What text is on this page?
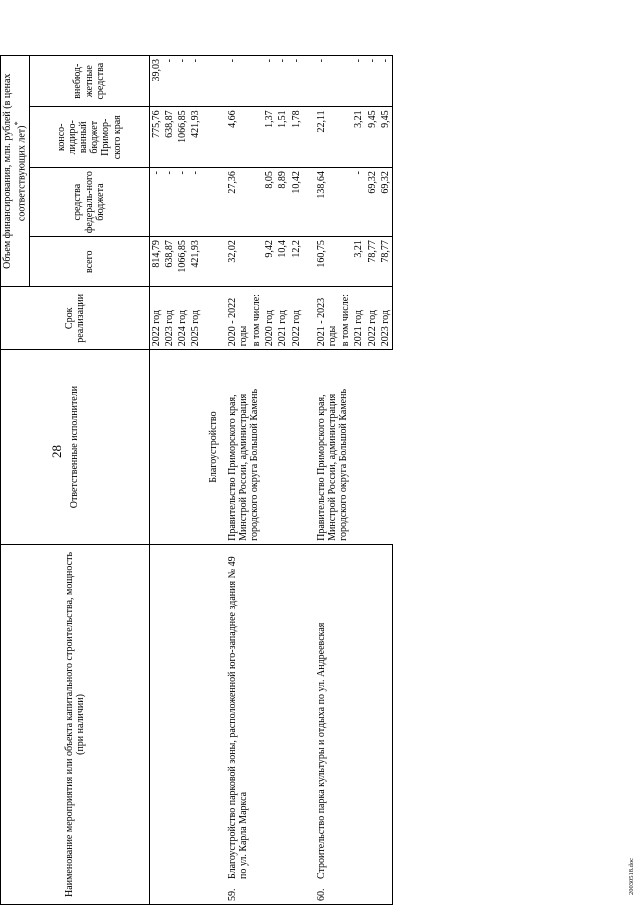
28
20030518.doc
Наименование мероприятия или объекта капитального строительства, мощность (при наличии)	Ответственные исполнители	Срок реализации	Объем финансирования, млн. рублей (в ценах соответствующих лет)*
			всего	средства федераль-ного бюджета	консо-лидиро-ванный бюджет Примор-ского края	внебюд-жетные средства
		2022 год	814,79	-	775,76	39,03
		2023 год	638,87	-	638,87	-
		2024 год	1066,85	-	1066,85	-
		2025 год	421,93	-	421,93	-
	Благоустройство					

59.
Благоустройство парковой зоны, расположенной юго-западнее здания № 49 по ул. Карла Маркса	Правительство Приморского края, Минстрой России, администрация городского округа Большой Камень	2020 - 2022 годы	32,02	27,36	4,66	-
		в том числе:				
		2020 год	9,42	8,05	1,37	-
		2021 год	10,4	8,89	1,51	-
		2022 год	12,2	10,42	1,78	-

60.
Строительство парка культуры и отдыха по ул. Андреевская	Правительство Приморского края, Минстрой России, администрация городского округа Большой Камень	2021 - 2023 годы	160,75	138,64	22,11	-
		в том числе:				
		2021 год	3,21	-	3,21	-
		2022 год	78,77	69,32	9,45	-
		2023 год	78,77	69,32	9,45	-
